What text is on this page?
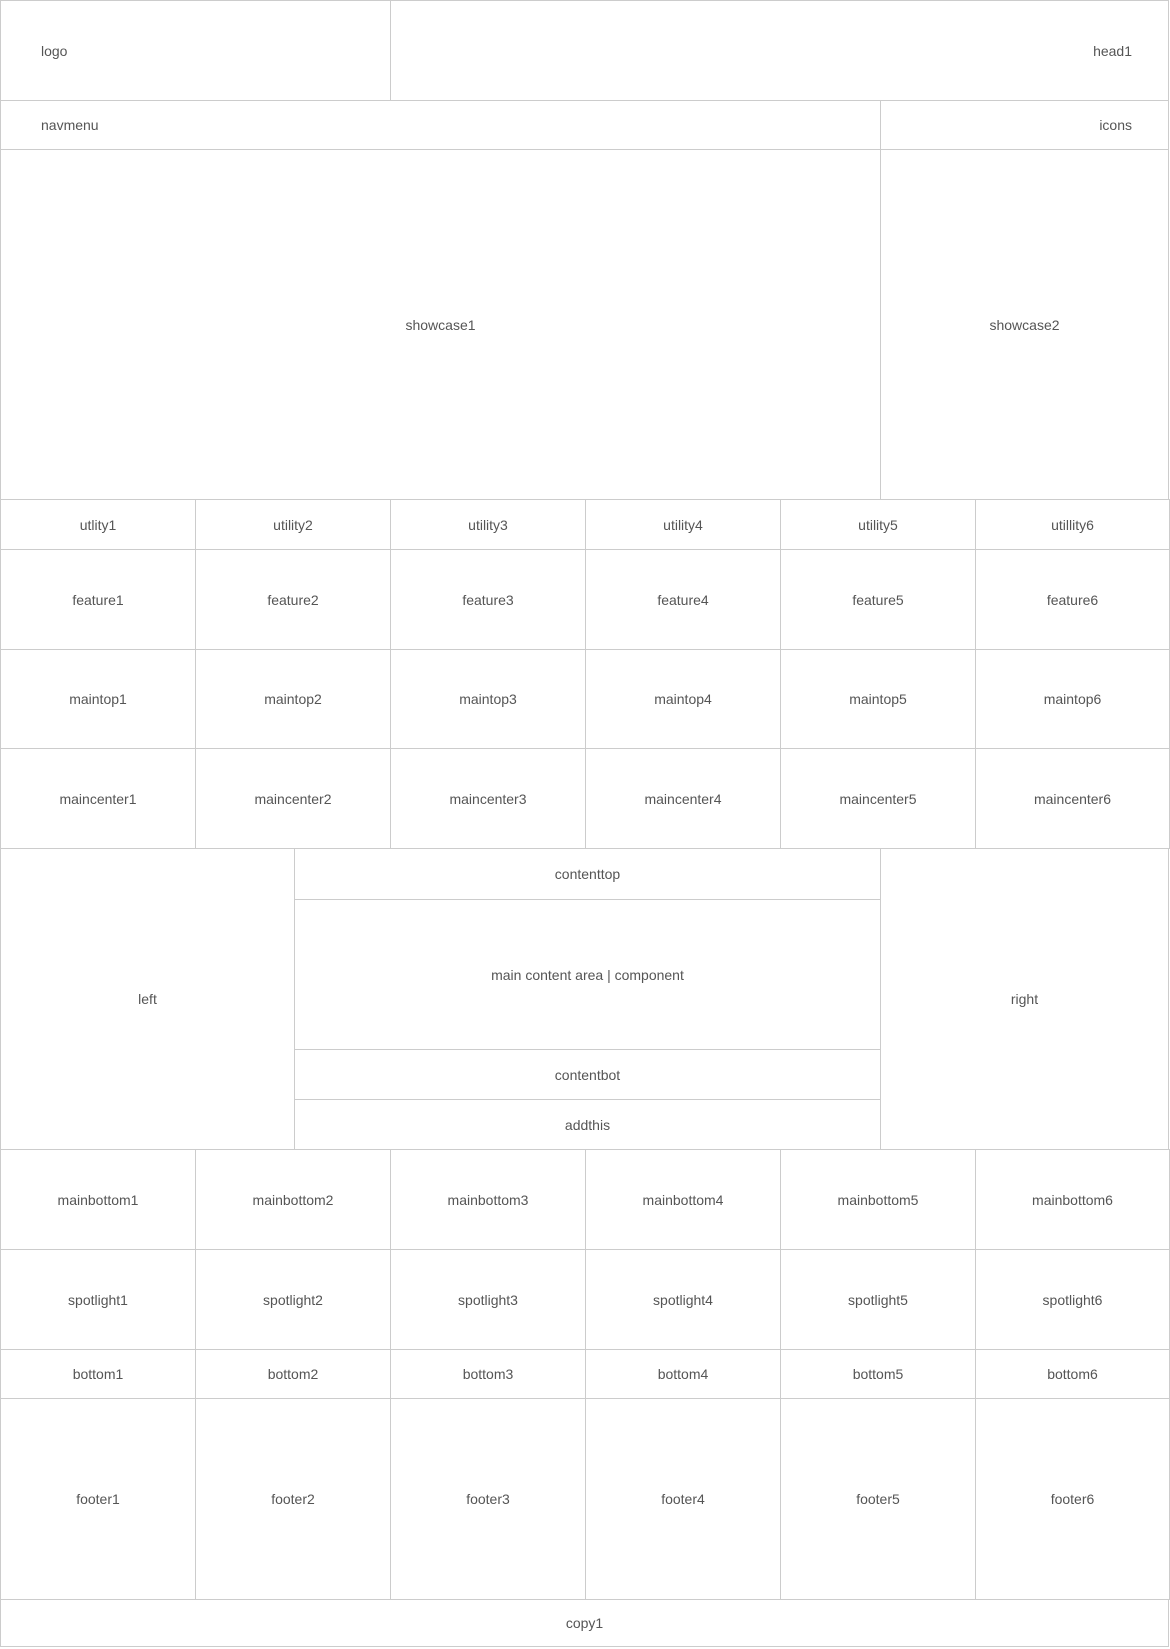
logo	head1
navmenu	icons
showcase1	showcase2
left
contenttop
main content area | component
contentbot
addthis
right
copy1
utlity1	utility2	utility3	utility4	utility5	utillity6
feature1	feature2	feature3	feature4	feature5	feature6
maintop1	maintop2	maintop3	maintop4	maintop5	maintop6
maincenter1	maincenter2	maincenter3	maincenter4	maincenter5	maincenter6
mainbottom1	mainbottom2	mainbottom3	mainbottom4	mainbottom5	mainbottom6
spotlight1	spotlight2	spotlight3	spotlight4	spotlight5	spotlight6
bottom1	bottom2	bottom3	bottom4	bottom5	bottom6
footer1	footer2	footer3	footer4	footer5	footer6
